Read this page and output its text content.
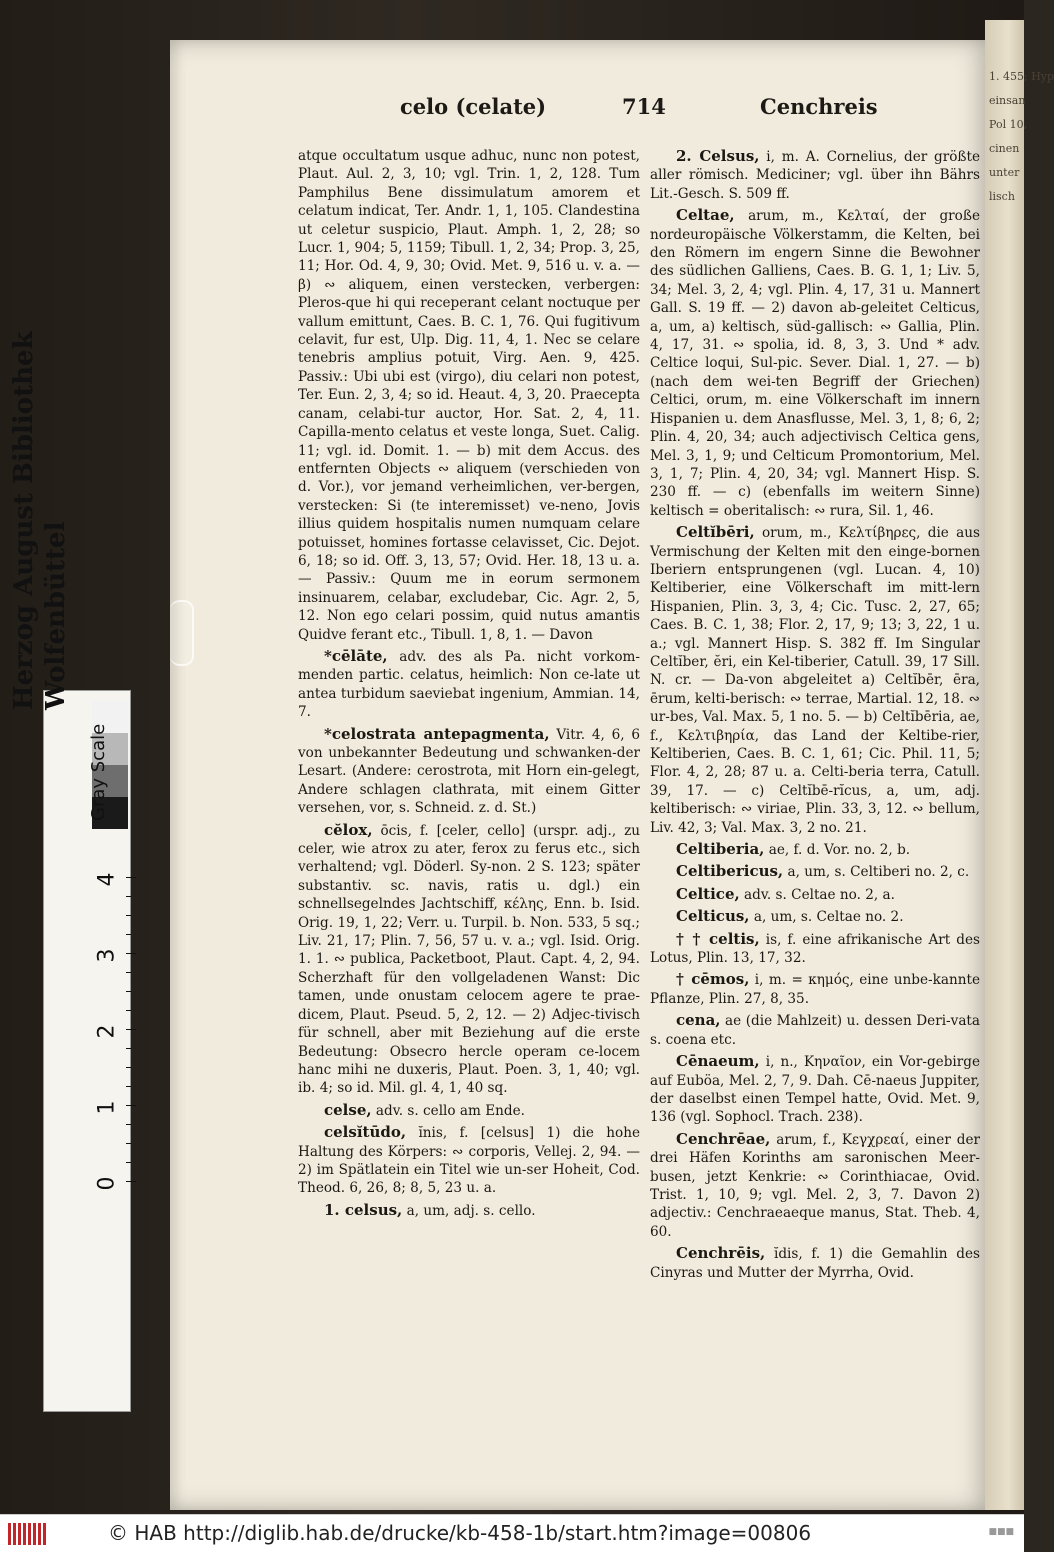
1. 455; Hyp
einsan
Pol 10,
cinen
unter
lisch
celo (celate)	714	Cenchreis

atque occultatum usque adhuc, nunc non potest, Plaut. Aul. 2, 3, 10; vgl. Trin. 1, 2, 128. Tum Pamphilus Bene dissimulatum amorem et celatum indicat, Ter. Andr. 1, 1, 105. Clandestina ut celetur suspicio, Plaut. Amph. 1, 2, 28; so Lucr. 1, 904; 5, 1159; Tibull. 1, 2, 34; Prop. 3, 25, 11; Hor. Od. 4, 9, 30; Ovid. Met. 9, 516 u. v. a. — β) ∾ aliquem, einen verstecken, verbergen: Pleros-que hi qui receperant celant noctuque per vallum emittunt, Caes. B. C. 1, 76. Qui fugitivum celavit, fur est, Ulp. Dig. 11, 4, 1. Nec se celare tenebris amplius potuit, Virg. Aen. 9, 425. Passiv.: Ubi ubi est (virgo), diu celari non potest, Ter. Eun. 2, 3, 4; so id. Heaut. 4, 3, 20. Praecepta canam, celabi-tur auctor, Hor. Sat. 2, 4, 11. Capilla-mento celatus et veste longa, Suet. Calig. 11; vgl. id. Domit. 1. — b) mit dem Accus. des entfernten Objects ∾ aliquem (verschieden von d. Vor.), vor jemand verheimlichen, ver-bergen, verstecken: Si (te interemisset) ve-neno, Jovis illius quidem hospitalis numen numquam celare potuisset, homines fortasse celavisset, Cic. Dejot. 6, 18; so id. Off. 3, 13, 57; Ovid. Her. 18, 13 u. a. — Passiv.: Quum me in eorum sermonem insinuarem, celabar, excludebar, Cic. Agr. 2, 5, 12. Non ego celari possim, quid nutus amantis Quidve ferant etc., Tibull. 1, 8, 1. — Davon

*cēlāte, adv. des als Pa. nicht vorkom-menden partic. celatus, heimlich: Non ce-late ut antea turbidum saeviebat ingenium, Ammian. 14, 7.

*celostrata antepagmenta, Vitr. 4, 6, 6 von unbekannter Bedeutung und schwanken-der Lesart. (Andere: cerostrota, mit Horn ein-gelegt, Andere schlagen clathrata, mit einem Gitter versehen, vor, s. Schneid. z. d. St.)

cĕlox, ōcis, f. [celer, cello] (urspr. adj., zu celer, wie atrox zu ater, ferox zu ferus etc., sich verhaltend; vgl. Döderl. Sy-non. 2 S. 123; später substantiv. sc. navis, ratis u. dgl.) ein schnellsegelndes Jachtschiff, κέλης, Enn. b. Isid. Orig. 19, 1, 22; Verr. u. Turpil. b. Non. 533, 5 sq.; Liv. 21, 17; Plin. 7, 56, 57 u. v. a.; vgl. Isid. Orig. 1. 1. ∾ publica, Packetboot, Plaut. Capt. 4, 2, 94. Scherzhaft für den vollgeladenen Wanst: Dic tamen, unde onustam celocem agere te prae-dicem, Plaut. Pseud. 5, 2, 12. — 2) Adjec-tivisch für schnell, aber mit Beziehung auf die erste Bedeutung: Obsecro hercle operam ce-locem hanc mihi ne duxeris, Plaut. Poen. 3, 1, 40; vgl. ib. 4; so id. Mil. gl. 4, 1, 40 sq.

celse, adv. s. cello am Ende.

celsĭtūdo, ĭnis, f. [celsus] 1) die hohe Haltung des Körpers: ∾ corporis, Vellej. 2, 94. — 2) im Spätlatein ein Titel wie un-ser Hoheit, Cod. Theod. 6, 26, 8; 8, 5, 23 u. a.

1. celsus, a, um, adj. s. cello.

2. Celsus, i, m. A. Cornelius, der größte aller römisch. Mediciner; vgl. über ihn Bährs Lit.-Gesch. S. 509 ff.

Celtae, arum, m., Κελταί, der große nordeuropäische Völkerstamm, die Kelten, bei den Römern im engern Sinne die Bewohner des südlichen Galliens, Caes. B. G. 1, 1; Liv. 5, 34; Mel. 3, 2, 4; vgl. Plin. 4, 17, 31 u. Mannert Gall. S. 19 ff. — 2) davon ab-geleitet Celticus, a, um, a) keltisch, süd-gallisch: ∾ Gallia, Plin. 4, 17, 31. ∾ spolia, id. 8, 3, 3. Und * adv. Celtice loqui, Sul-pic. Sever. Dial. 1, 27. — b) (nach dem wei-ten Begriff der Griechen) Celtici, orum, m. eine Völkerschaft im innern Hispanien u. dem Anasflusse, Mel. 3, 1, 8; 6, 2; Plin. 4, 20, 34; auch adjectivisch Celtica gens, Mel. 3, 1, 9; und Celticum Promontorium, Mel. 3, 1, 7; Plin. 4, 20, 34; vgl. Mannert Hisp. S. 230 ff. — c) (ebenfalls im weitern Sinne) keltisch = oberitalisch: ∾ rura, Sil. 1, 46.

Celtĭbēri, orum, m., Κελτίβηρες, die aus Vermischung der Kelten mit den einge-bornen Iberiern entsprungenen (vgl. Lucan. 4, 10) Keltiberier, eine Völkerschaft im mitt-lern Hispanien, Plin. 3, 3, 4; Cic. Tusc. 2, 27, 65; Caes. B. C. 1, 38; Flor. 2, 17, 9; 13; 3, 22, 1 u. a.; vgl. Mannert Hisp. S. 382 ff. Im Singular Celtĭber, ĕri, ein Kel-tiberier, Catull. 39, 17 Sill. N. cr. — Da-von abgeleitet a) Celtĭbēr, ēra, ērum, kelti-berisch: ∾ terrae, Martial. 12, 18. ∾ ur-bes, Val. Max. 5, 1 no. 5. — b) Celtĭbēria, ae, f., Κελτιβηρία, das Land der Keltibe-rier, Keltiberien, Caes. B. C. 1, 61; Cic. Phil. 11, 5; Flor. 4, 2, 28; 87 u. a. Celti-beria terra, Catull. 39, 17. — c) Celtĭbē-rĭcus, a, um, adj. keltiberisch: ∾ viriae, Plin. 33, 3, 12. ∾ bellum, Liv. 42, 3; Val. Max. 3, 2 no. 21.

Celtiberia, ae, f. d. Vor. no. 2, b.

Celtibericus, a, um, s. Celtiberi no. 2, c.

Celtice, adv. s. Celtae no. 2, a.

Celticus, a, um, s. Celtae no. 2.

† † celtis, is, f. eine afrikanische Art des Lotus, Plin. 13, 17, 32.

† cēmos, i, m. = κημός, eine unbe-kannte Pflanze, Plin. 27, 8, 35.

cena, ae (die Mahlzeit) u. dessen Deri-vata s. coena etc.

Cēnaeum, i, n., Κηναῖον, ein Vor-gebirge auf Euböa, Mel. 2, 7, 9. Dah. Cē-naeus Juppiter, der daselbst einen Tempel hatte, Ovid. Met. 9, 136 (vgl. Sophocl. Trach. 238).

Cenchrēae, arum, f., Κεγχρεαί, einer der drei Häfen Korinths am saronischen Meer-busen, jetzt Kenkrie: ∾ Corinthiacae, Ovid. Trist. 1, 10, 9; vgl. Mel. 2, 3, 7. Davon 2) adjectiv.: Cenchraeaeque manus, Stat. Theb. 4, 60.

Cenchrēis, ĭdis, f. 1) die Gemahlin des Cinyras und Mutter der Myrrha, Ovid.

Gray Scale
0
1
2
3
4
Herzog August Bibliothek Wolfenbüttel
© HAB http://diglib.hab.de/drucke/kb-458-1b/start.htm?image=00806	■■■
